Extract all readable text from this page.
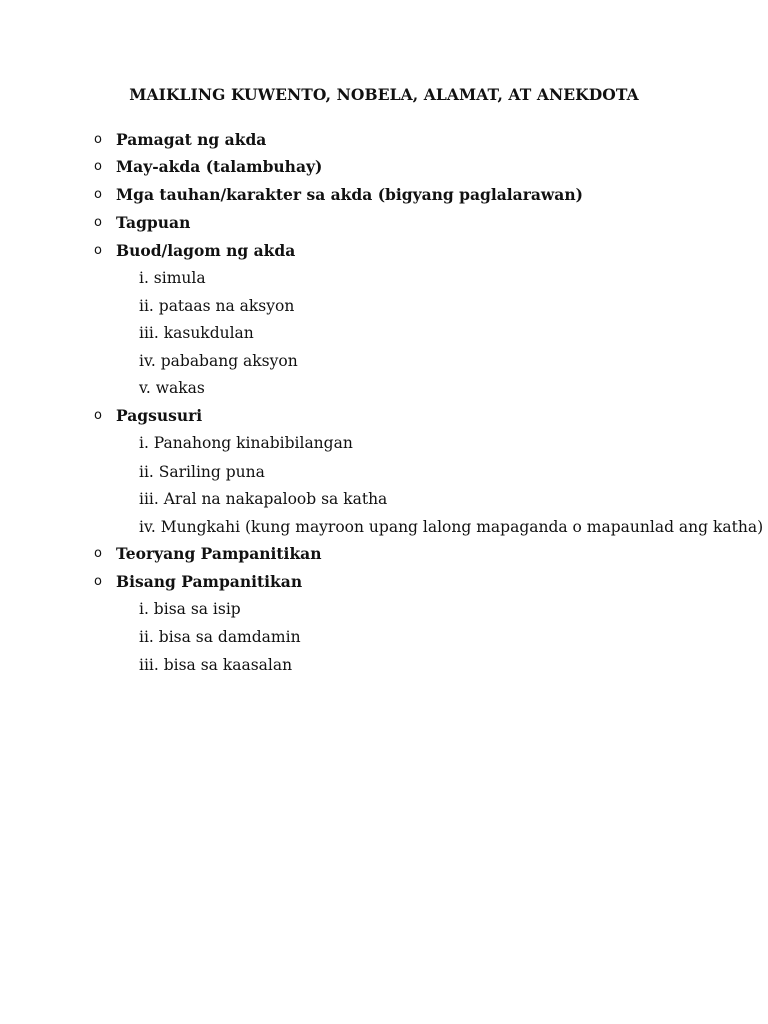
MAIKLING KUWENTO, NOBELA, ALAMAT, AT ANEKDOTA
o Pamagat ng akda
o May-akda (talambuhay)
o Mga tauhan/karakter sa akda (bigyang paglalarawan)
o Tagpuan
o Buod/lagom ng akda
i. simula
ii. pataas na aksyon
iii. kasukdulan
iv. pababang aksyon
v. wakas
o Pagsusuri
i. Panahong kinabibilangan
ii. Sariling puna
iii. Aral na nakapaloob sa katha
iv. Mungkahi (kung mayroon upang lalong mapaganda o mapaunlad ang katha)
o Teoryang Pampanitikan
o Bisang Pampanitikan
i. bisa sa isip
ii. bisa sa damdamin
iii. bisa sa kaasalan
